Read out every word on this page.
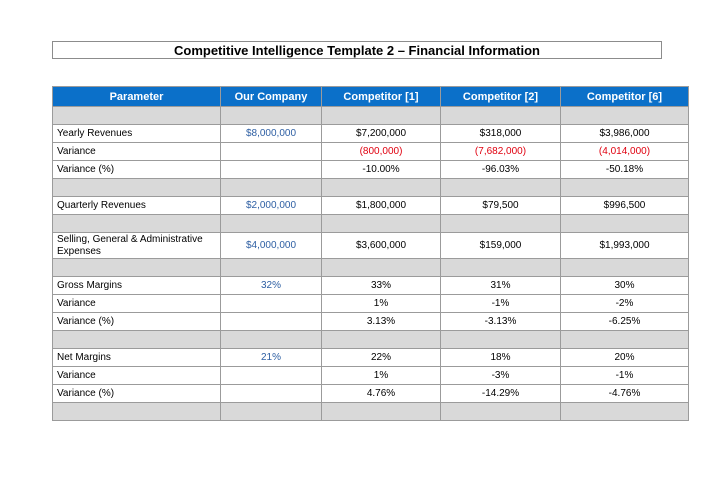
Competitive Intelligence Template 2 – Financial Information
Parameter	Our Company	Competitor [1]	Competitor [2]	Competitor [6]

Yearly Revenues	$8,000,000	$7,200,000	$318,000	$3,986,000
Variance		(800,000)	(7,682,000)	(4,014,000)
Variance (%)		-10.00%	-96.03%	-50.18%

Quarterly Revenues	$2,000,000	$1,800,000	$79,500	$996,500

Selling, General & Administrative Expenses	$4,000,000	$3,600,000	$159,000	$1,993,000

Gross Margins	32%	33%	31%	30%
Variance		1%	-1%	-2%
Variance (%)		3.13%	-3.13%	-6.25%

Net Margins	21%	22%	18%	20%
Variance		1%	-3%	-1%
Variance (%)		4.76%	-14.29%	-4.76%
